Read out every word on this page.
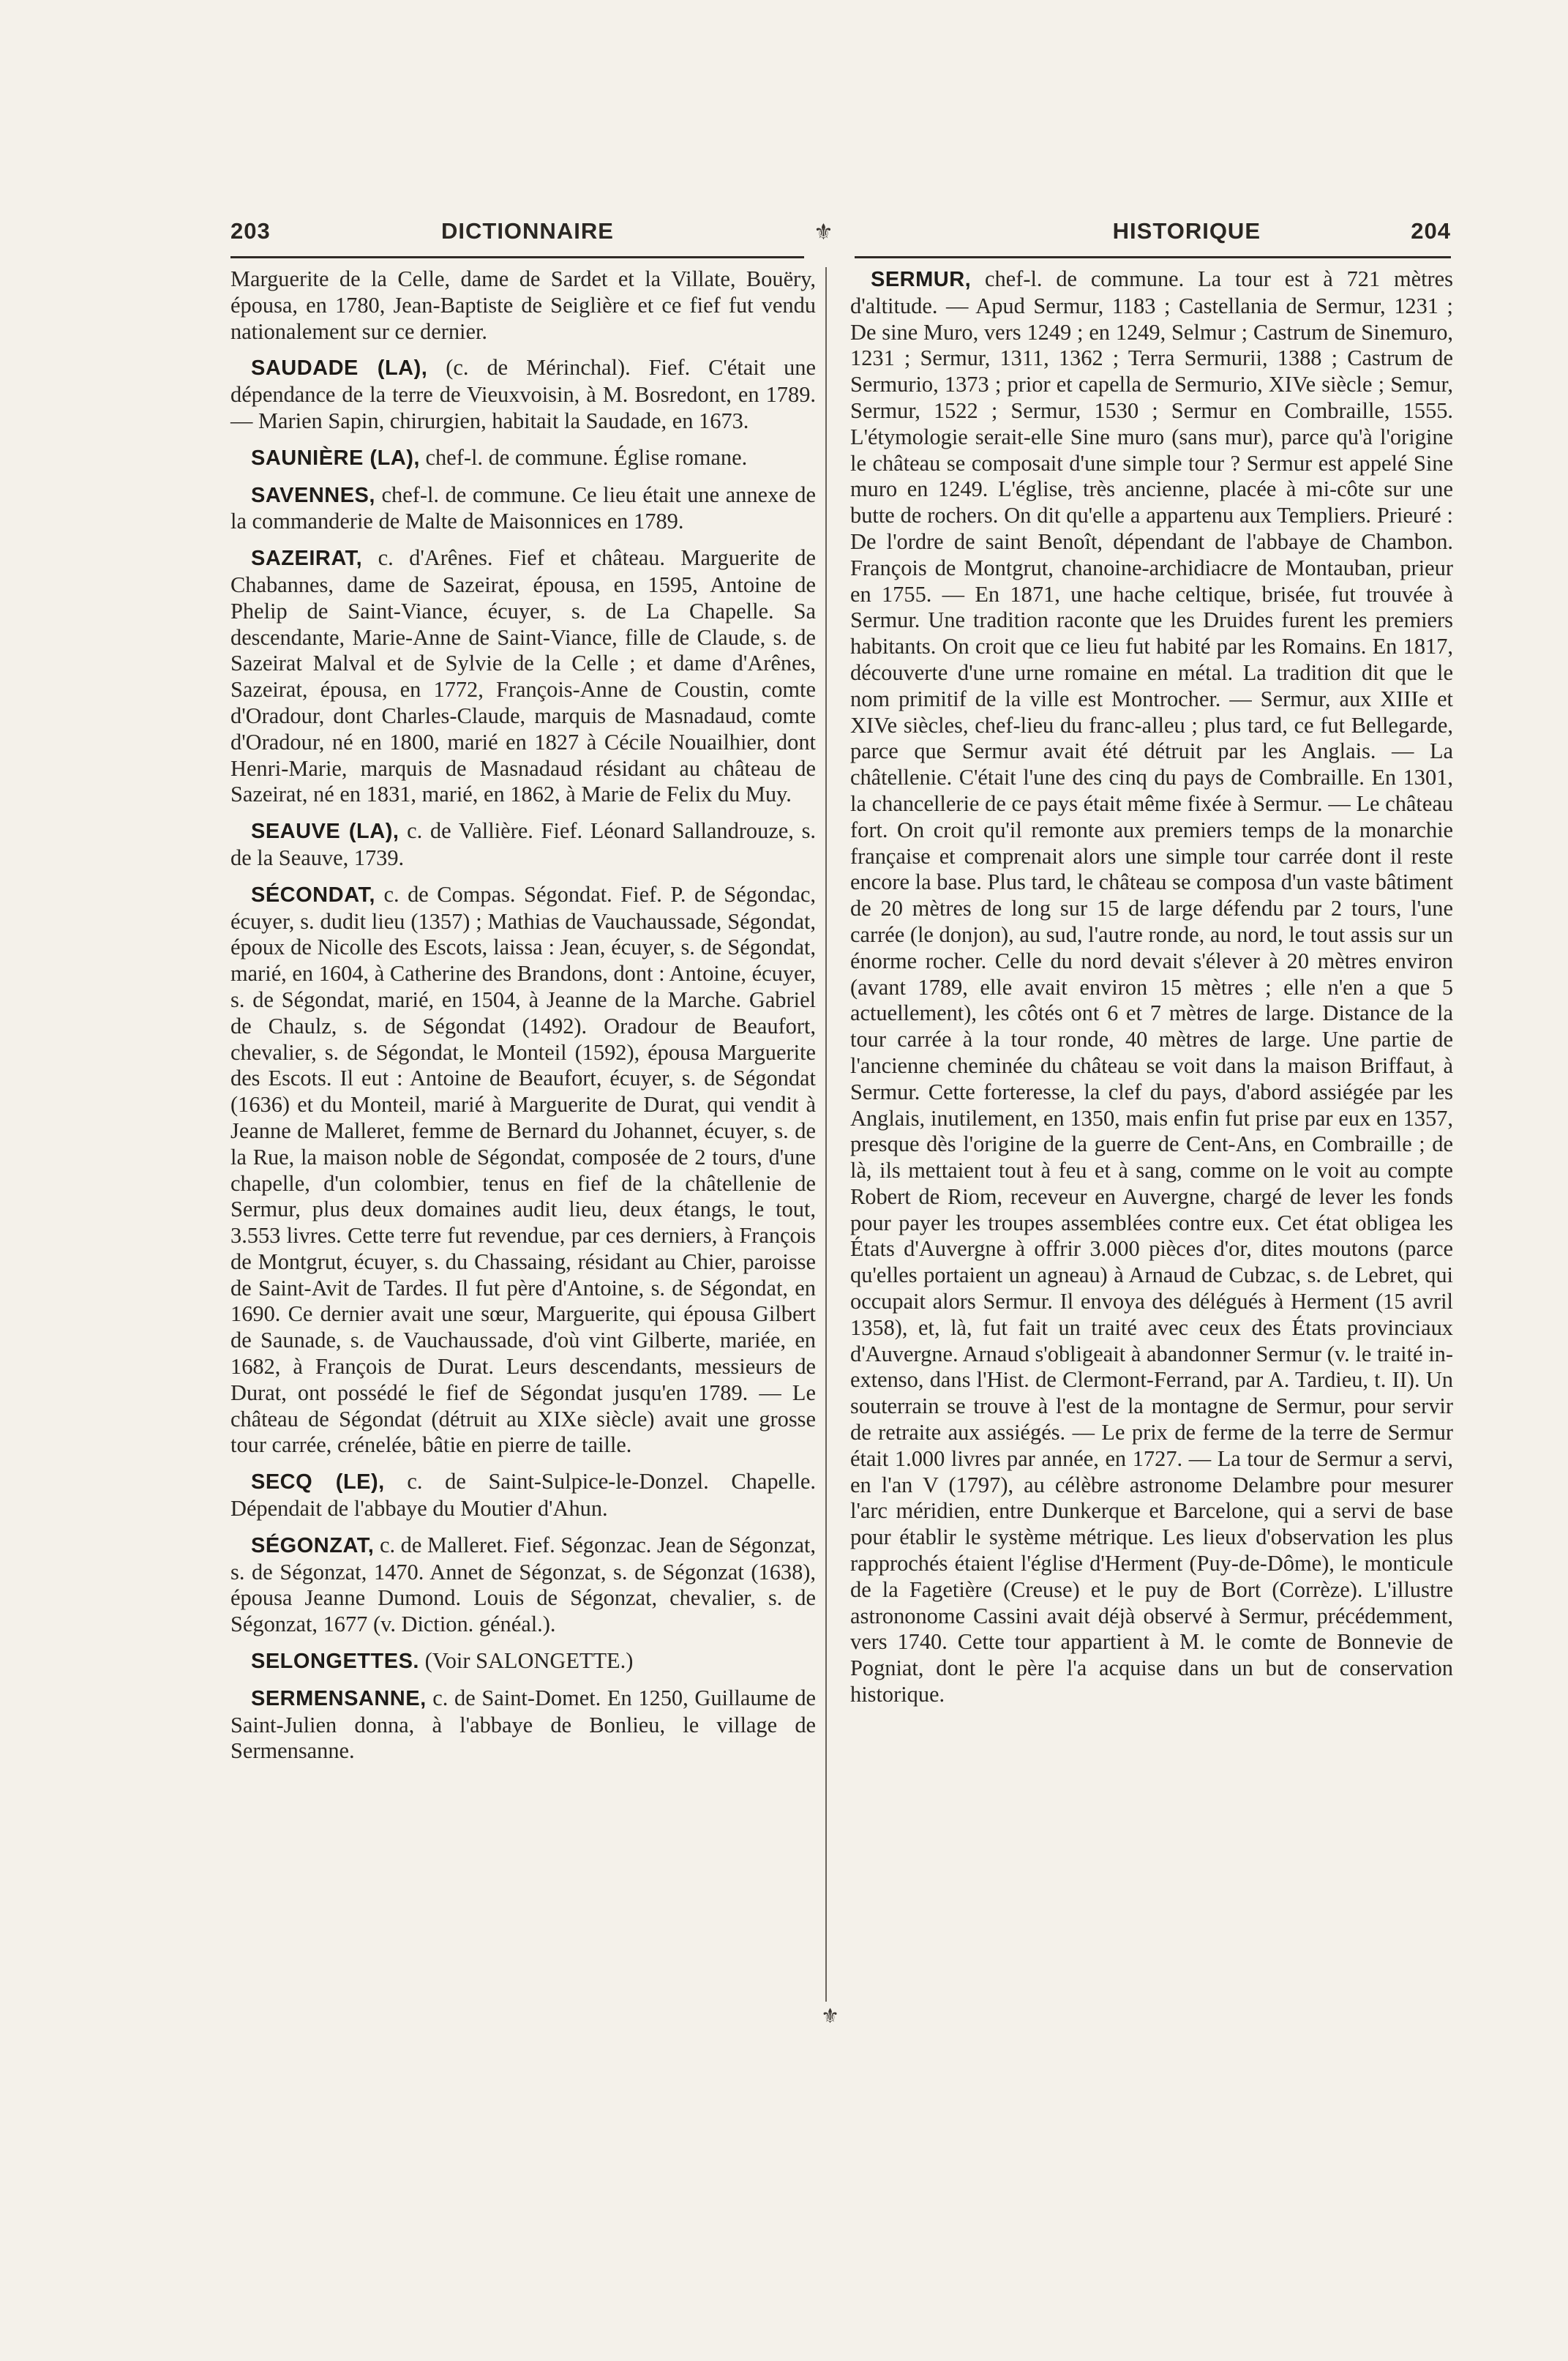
203	DICTIONNAIRE	HISTORIQUE	204
⚜
⚜

Marguerite de la Celle, dame de Sardet et la Villate, Bouëry, épousa, en 1780, Jean-Baptiste de Seiglière et ce fief fut vendu nationalement sur ce dernier.

SAUDADE (LA), (c. de Mérinchal). Fief. C'était une dépendance de la terre de Vieuxvoisin, à M. Bosredont, en 1789. — Marien Sapin, chirurgien, habitait la Saudade, en 1673.

SAUNIÈRE (LA), chef-l. de commune. Église romane.

SAVENNES, chef-l. de commune. Ce lieu était une annexe de la commanderie de Malte de Maisonnices en 1789.

SAZEIRAT, c. d'Arênes. Fief et château. Marguerite de Chabannes, dame de Sazeirat, épousa, en 1595, Antoine de Phelip de Saint-Viance, écuyer, s. de La Chapelle. Sa descendante, Marie-Anne de Saint-Viance, fille de Claude, s. de Sazeirat Malval et de Sylvie de la Celle ; et dame d'Arênes, Sazeirat, épousa, en 1772, François-Anne de Coustin, comte d'Oradour, dont Charles-Claude, marquis de Masnadaud, comte d'Oradour, né en 1800, marié en 1827 à Cécile Nouailhier, dont Henri-Marie, marquis de Masnadaud résidant au château de Sazeirat, né en 1831, marié, en 1862, à Marie de Felix du Muy.

SEAUVE (LA), c. de Vallière. Fief. Léonard Sallandrouze, s. de la Seauve, 1739.

SÉCONDAT, c. de Compas. Ségondat. Fief. P. de Ségondac, écuyer, s. dudit lieu (1357) ; Mathias de Vauchaussade, Ségondat, époux de Nicolle des Escots, laissa : Jean, écuyer, s. de Ségondat, marié, en 1604, à Catherine des Brandons, dont : Antoine, écuyer, s. de Ségondat, marié, en 1504, à Jeanne de la Marche. Gabriel de Chaulz, s. de Ségondat (1492). Oradour de Beaufort, chevalier, s. de Ségondat, le Monteil (1592), épousa Marguerite des Escots. Il eut : Antoine de Beaufort, écuyer, s. de Ségondat (1636) et du Monteil, marié à Marguerite de Durat, qui vendit à Jeanne de Malleret, femme de Bernard du Johannet, écuyer, s. de la Rue, la maison noble de Ségondat, composée de 2 tours, d'une chapelle, d'un colombier, tenus en fief de la châtellenie de Sermur, plus deux domaines audit lieu, deux étangs, le tout, 3.553 livres. Cette terre fut revendue, par ces derniers, à François de Montgrut, écuyer, s. du Chassaing, résidant au Chier, paroisse de Saint-Avit de Tardes. Il fut père d'Antoine, s. de Ségondat, en 1690. Ce dernier avait une sœur, Marguerite, qui épousa Gilbert de Saunade, s. de Vauchaussade, d'où vint Gilberte, mariée, en 1682, à François de Durat. Leurs descendants, messieurs de Durat, ont possédé le fief de Ségondat jusqu'en 1789. — Le château de Ségondat (détruit au XIXe siècle) avait une grosse tour carrée, crénelée, bâtie en pierre de taille.

SECQ (LE), c. de Saint-Sulpice-le-Donzel. Chapelle. Dépendait de l'abbaye du Moutier d'Ahun.

SÉGONZAT, c. de Malleret. Fief. Ségonzac. Jean de Ségonzat, s. de Ségonzat, 1470. Annet de Ségonzat, s. de Ségonzat (1638), épousa Jeanne Dumond. Louis de Ségonzat, chevalier, s. de Ségonzat, 1677 (v. Diction. généal.).

SELONGETTES. (Voir SALONGETTE.)

SERMENSANNE, c. de Saint-Domet. En 1250, Guillaume de Saint-Julien donna, à l'abbaye de Bonlieu, le village de Sermensanne.

SERMUR, chef-l. de commune. La tour est à 721 mètres d'altitude. — Apud Sermur, 1183 ; Castellania de Sermur, 1231 ; De sine Muro, vers 1249 ; en 1249, Selmur ; Castrum de Sinemuro, 1231 ; Sermur, 1311, 1362 ; Terra Sermurii, 1388 ; Castrum de Sermurio, 1373 ; prior et capella de Sermurio, XIVe siècle ; Semur, Sermur, 1522 ; Sermur, 1530 ; Sermur en Combraille, 1555. L'étymologie serait-elle Sine muro (sans mur), parce qu'à l'origine le château se composait d'une simple tour ? Sermur est appelé Sine muro en 1249. L'église, très ancienne, placée à mi-côte sur une butte de rochers. On dit qu'elle a appartenu aux Templiers. Prieuré : De l'ordre de saint Benoît, dépendant de l'abbaye de Chambon. François de Montgrut, chanoine-archidiacre de Montauban, prieur en 1755. — En 1871, une hache celtique, brisée, fut trouvée à Sermur. Une tradition raconte que les Druides furent les premiers habitants. On croit que ce lieu fut habité par les Romains. En 1817, découverte d'une urne romaine en métal. La tradition dit que le nom primitif de la ville est Montrocher. — Sermur, aux XIIIe et XIVe siècles, chef-lieu du franc-alleu ; plus tard, ce fut Bellegarde, parce que Sermur avait été détruit par les Anglais. — La châtellenie. C'était l'une des cinq du pays de Combraille. En 1301, la chancellerie de ce pays était même fixée à Sermur. — Le château fort. On croit qu'il remonte aux premiers temps de la monarchie française et comprenait alors une simple tour carrée dont il reste encore la base. Plus tard, le château se composa d'un vaste bâtiment de 20 mètres de long sur 15 de large défendu par 2 tours, l'une carrée (le donjon), au sud, l'autre ronde, au nord, le tout assis sur un énorme rocher. Celle du nord devait s'élever à 20 mètres environ (avant 1789, elle avait environ 15 mètres ; elle n'en a que 5 actuellement), les côtés ont 6 et 7 mètres de large. Distance de la tour carrée à la tour ronde, 40 mètres de large. Une partie de l'ancienne cheminée du château se voit dans la maison Briffaut, à Sermur. Cette forteresse, la clef du pays, d'abord assiégée par les Anglais, inutilement, en 1350, mais enfin fut prise par eux en 1357, presque dès l'origine de la guerre de Cent-Ans, en Combraille ; de là, ils mettaient tout à feu et à sang, comme on le voit au compte Robert de Riom, receveur en Auvergne, chargé de lever les fonds pour payer les troupes assemblées contre eux. Cet état obligea les États d'Auvergne à offrir 3.000 pièces d'or, dites moutons (parce qu'elles portaient un agneau) à Arnaud de Cubzac, s. de Lebret, qui occupait alors Sermur. Il envoya des délégués à Herment (15 avril 1358), et, là, fut fait un traité avec ceux des États provinciaux d'Auvergne. Arnaud s'obligeait à abandonner Sermur (v. le traité in-extenso, dans l'Hist. de Clermont-Ferrand, par A. Tardieu, t. II). Un souterrain se trouve à l'est de la montagne de Sermur, pour servir de retraite aux assiégés. — Le prix de ferme de la terre de Sermur était 1.000 livres par année, en 1727. — La tour de Sermur a servi, en l'an V (1797), au célèbre astronome Delambre pour mesurer l'arc méridien, entre Dunkerque et Barcelone, qui a servi de base pour établir le système métrique. Les lieux d'observation les plus rapprochés étaient l'église d'Herment (Puy-de-Dôme), le monticule de la Fagetière (Creuse) et le puy de Bort (Corrèze). L'illustre astrononome Cassini avait déjà observé à Sermur, précédemment, vers 1740. Cette tour appartient à M. le comte de Bonnevie de Pogniat, dont le père l'a acquise dans un but de conservation historique.
